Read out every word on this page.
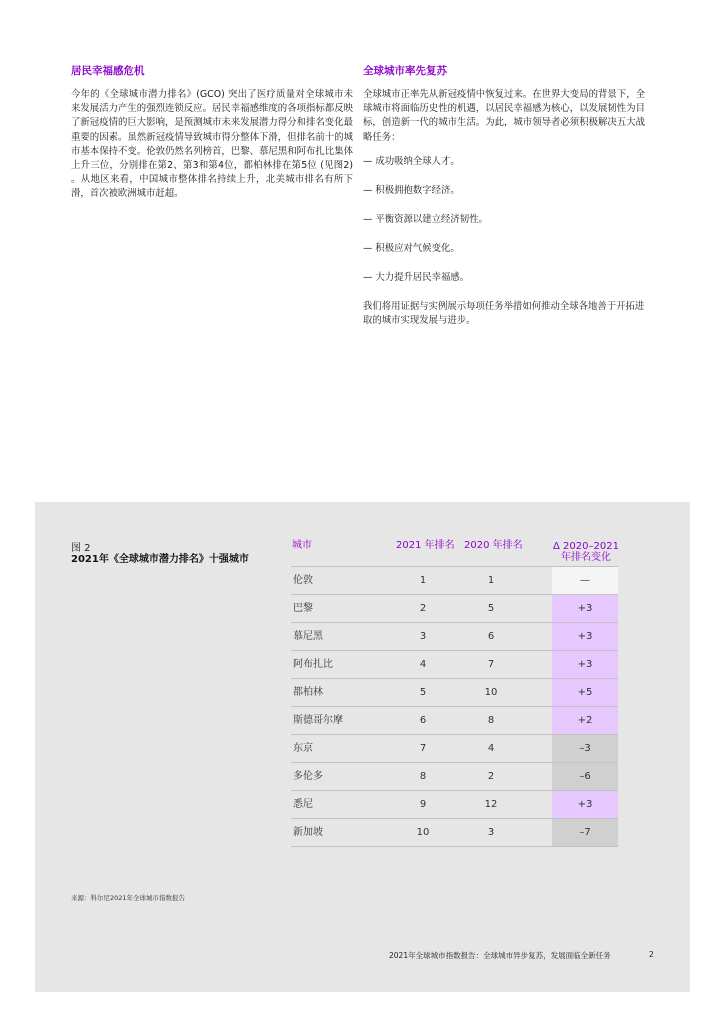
居民幸福感危机

今年的《全球城市潜力排名》(GCO) 突出了医疗质量对全球城市未来发展活力产生的强烈连锁反应。居民幸福感维度的各项指标都反映了新冠疫情的巨大影响，是预测城市未来发展潜力得分和排名变化最重要的因素。虽然新冠疫情导致城市得分整体下滑，但排名前十的城市基本保持不变。伦敦仍然名列榜首，巴黎、慕尼黑和阿布扎比集体上升三位，分别排在第2、第3和第4位，都柏林排在第5位 (见图2) 。从地区来看，中国城市整体排名持续上升，北美城市排名有所下滑，首次被欧洲城市赶超。

全球城市率先复苏

全球城市正率先从新冠疫情中恢复过来。在世界大变局的背景下，全球城市将面临历史性的机遇，以居民幸福感为核心，以发展韧性为目标，创造新一代的城市生活。为此，城市领导者必须积极解决五大战略任务：

— 成功吸纳全球人才。
— 积极拥抱数字经济。
— 平衡资源以建立经济韧性。
— 积极应对气候变化。
— 大力提升居民幸福感。

我们将用证据与实例展示每项任务举措如何推动全球各地善于开拓进取的城市实现发展与进步。

图 2
2021年《全球城市潜力排名》十强城市
城市	2021 年排名 2020 年排名	Δ 2020–2021 年排名变化
伦敦	1	1	—
巴黎	2	5	+3
慕尼黑	3	6	+3
阿布扎比	4	7	+3
都柏林	5	10	+5
斯德哥尔摩	6	8	+2
东京	7	4	–3
多伦多	8	2	–6
悉尼	9	12	+3
新加坡	10	3	–7
来源：科尔尼2021年全球城市指数报告
2021年全球城市指数报告：全球城市异步复苏，发展面临全新任务	2
